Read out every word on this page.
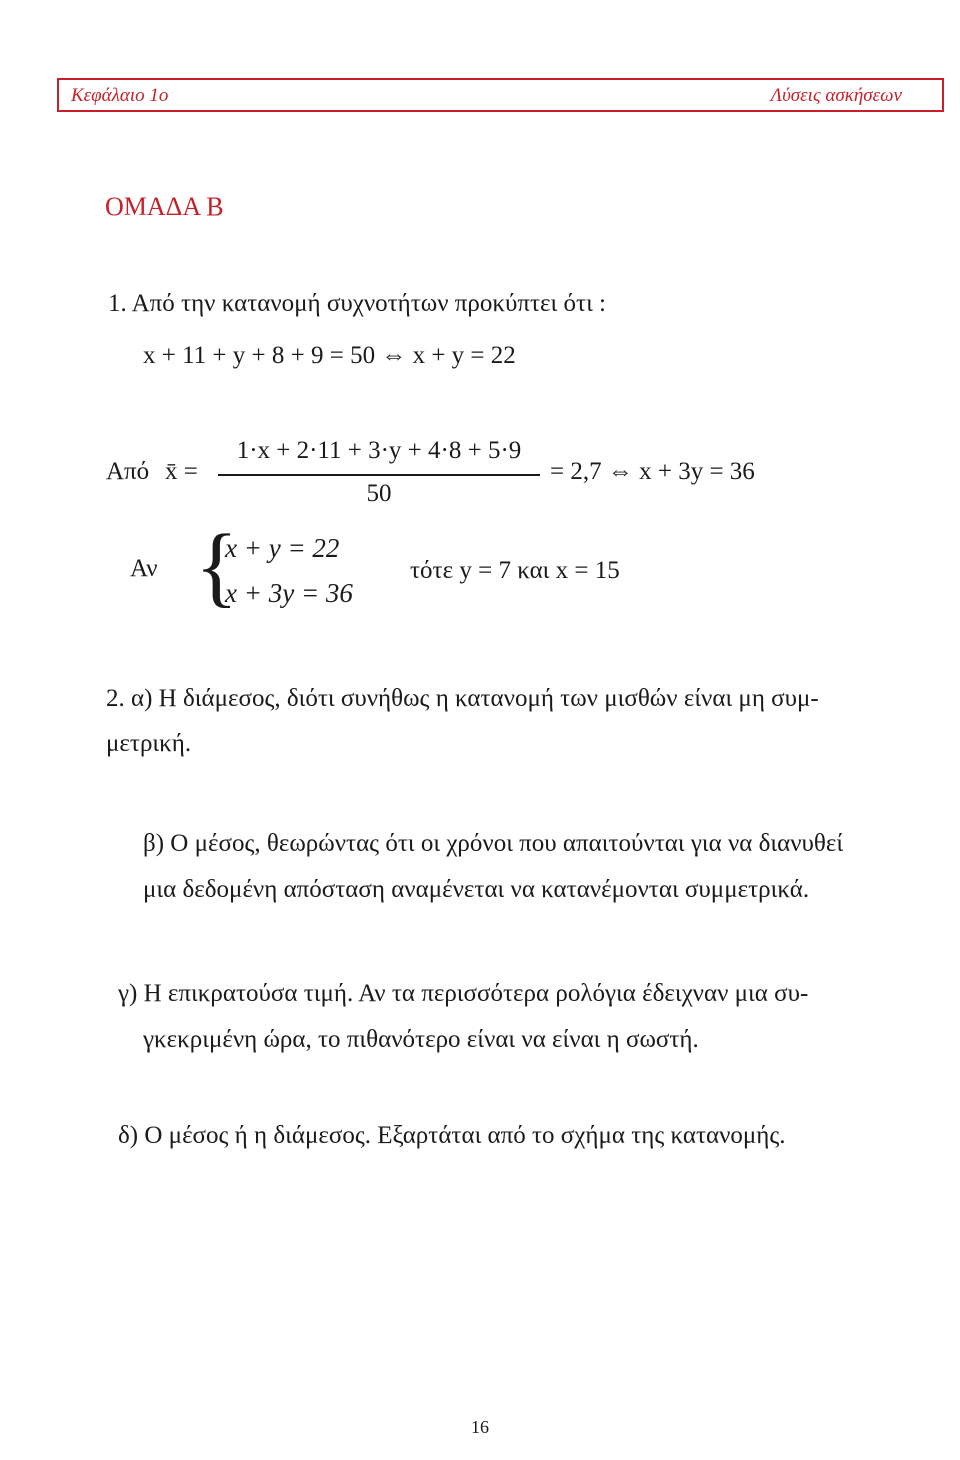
Κεφάλαιο 1ο	Λύσεις ασκήσεων
ΟΜΑΔΑ Β
1. Από την κατανομή συχνοτήτων προκύπτει ότι :
x + 11 + y + 8 + 9 = 50 ⇔ x + y = 22
Από x̄ =
1·x + 2·11 + 3·y + 4·8 + 5·9
50
= 2,7 ⇔ x + 3y = 36
Αν {
x + y = 22
x + 3y = 36
τότε y = 7 και x = 15
2. α) Η διάμεσος, διότι συνήθως η κατανομή των μισθών είναι μη συμ-
μετρική.
β) Ο μέσος, θεωρώντας ότι οι χρόνοι που απαιτούνται για να διανυθεί
μια δεδομένη απόσταση αναμένεται να κατανέμονται συμμετρικά.
γ) Η επικρατούσα τιμή. Αν τα περισσότερα ρολόγια έδειχναν μια συ-
γκεκριμένη ώρα, το πιθανότερο είναι να είναι η σωστή.
δ) Ο μέσος ή η διάμεσος. Εξαρτάται από το σχήμα της κατανομής.
16
